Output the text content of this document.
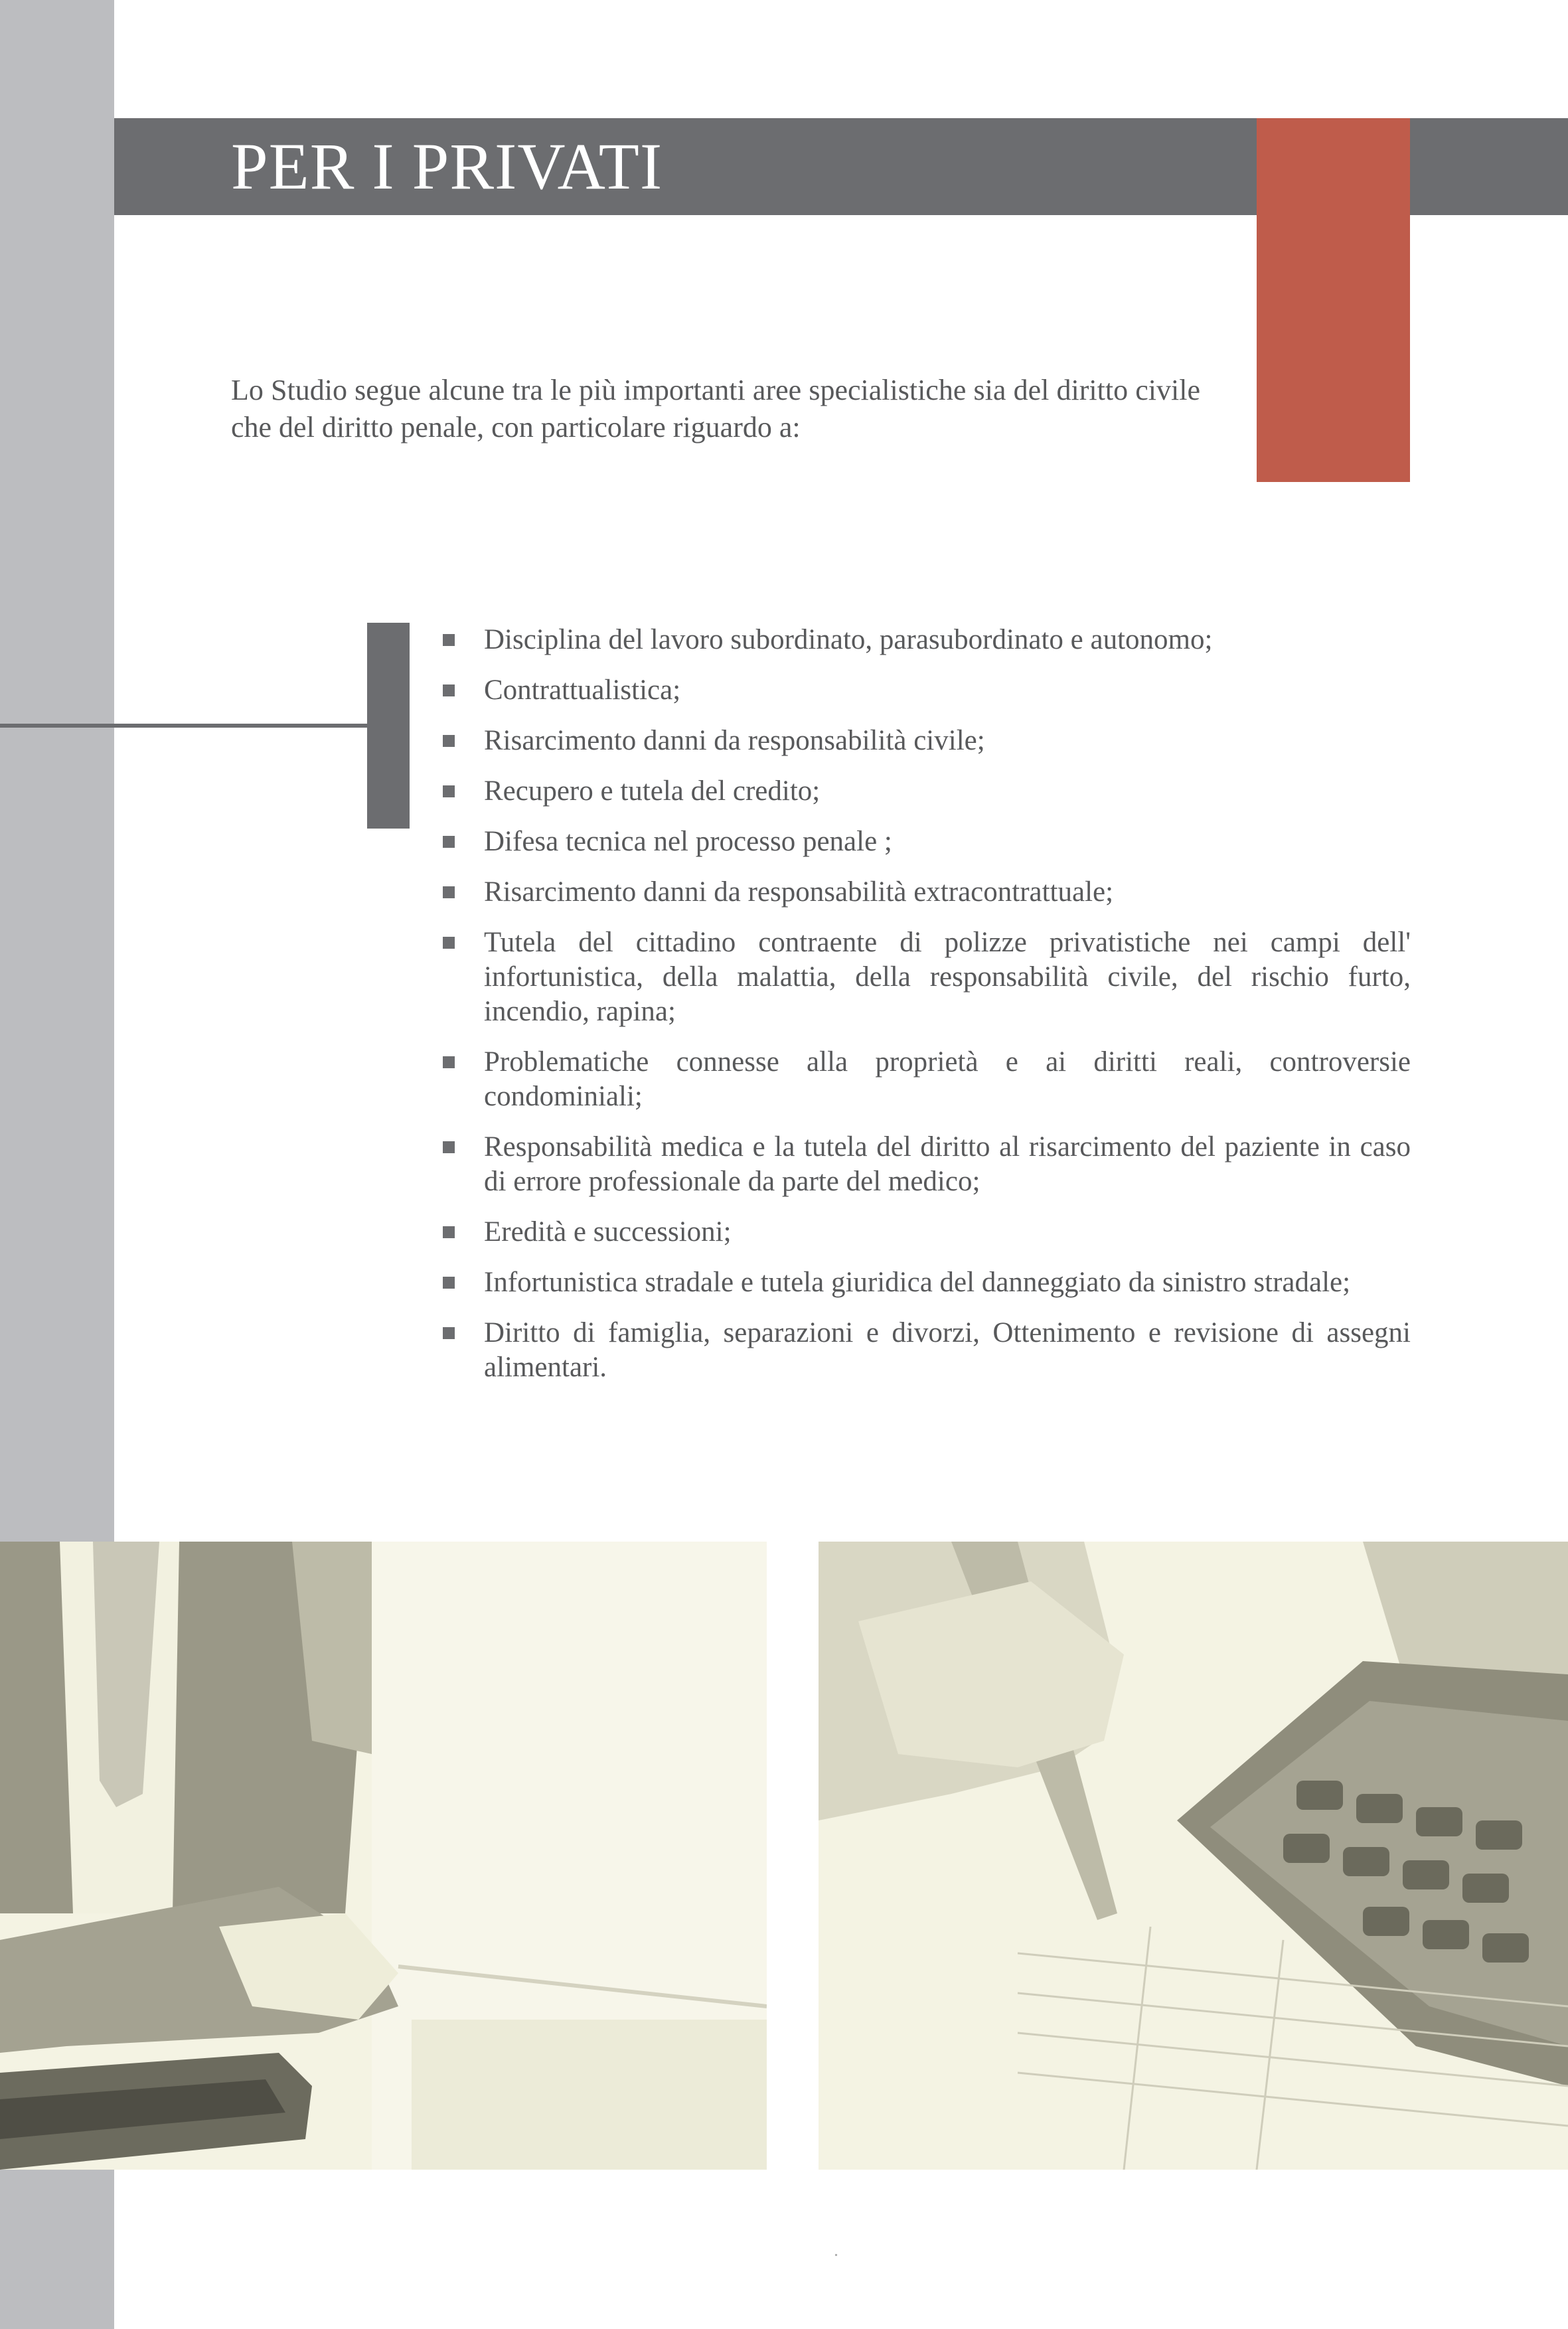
PER I PRIVATI

Lo Studio segue alcune tra le più importanti aree specialistiche sia del diritto civile che del diritto penale, con particolare riguardo a:

Disciplina del lavoro subordinato, parasubordinato e autonomo;
Contrattualistica;
Risarcimento danni da responsabilità civile;
Recupero e tutela del credito;
Difesa tecnica nel processo penale ;
Risarcimento danni da responsabilità extracontrattuale;
Tutela del cittadino contraente di polizze privatistiche nei campi dell' infortunistica, della malattia, della responsabilità civile, del rischio furto, incendio, rapina;
Problematiche connesse alla proprietà e ai diritti reali, controversie condominiali;
Responsabilità medica e la tutela del diritto al risarcimento del paziente in caso di errore professionale da parte del medico;
Eredità e successioni;
Infortunistica stradale e tutela giuridica del danneggiato da sinistro stradale;
Diritto di famiglia, separazioni e divorzi, Ottenimento e revisione di assegni alimentari.
